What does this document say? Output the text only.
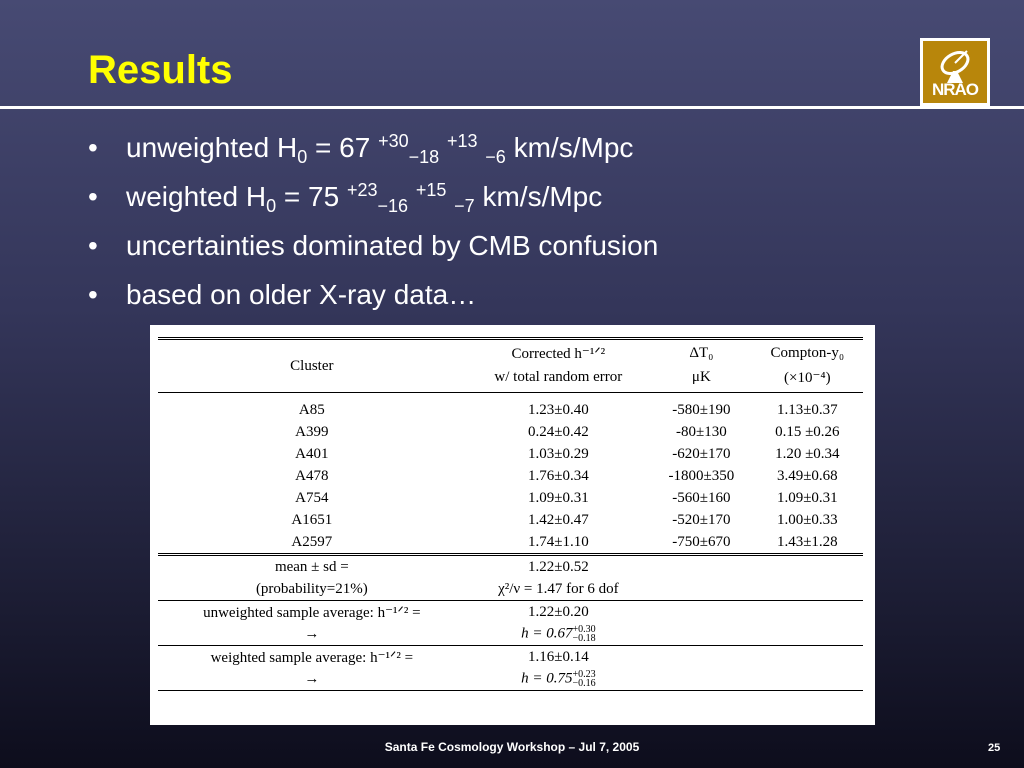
Results	NRAO
• unweighted $H_0 = 67$ $^{+30}_{-18}$ $^{+13}$ $_{-6}$ km/s/Mpc
• weighted $H_0 = 75$ $^{+23}_{-16}$ $^{+15}$ $_{-7}$ km/s/Mpc
• uncertainties dominated by CMB confusion
• based on older X-ray data…
Cluster	Corrected h⁻¹ᐟ²	ΔT₀	Compton-y₀
	w/ total random error	μK	(×10⁻⁴)
A85	1.23±0.40	-580±190	1.13±0.37
A399	0.24±0.42	-80±130	0.15 ±0.26
A401	1.03±0.29	-620±170	1.20 ±0.34
A478	1.76±0.34	-1800±350	3.49±0.68
A754	1.09±0.31	-560±160	1.09±0.31
A1651	1.42±0.47	-520±170	1.00±0.33
A2597	1.74±1.10	-750±670	1.43±1.28
mean ± sd =	1.22±0.52		
(probability=21%)	χ²/ν = 1.47 for 6 dof		
unweighted sample average: h⁻¹ᐟ² =	1.22±0.20		
→	h = 0.67+0.30
−0.18		
weighted sample average: h⁻¹ᐟ² =	1.16±0.14		
→	h = 0.75+0.23
−0.16		
Santa Fe Cosmology Workshop – Jul 7, 2005	25
